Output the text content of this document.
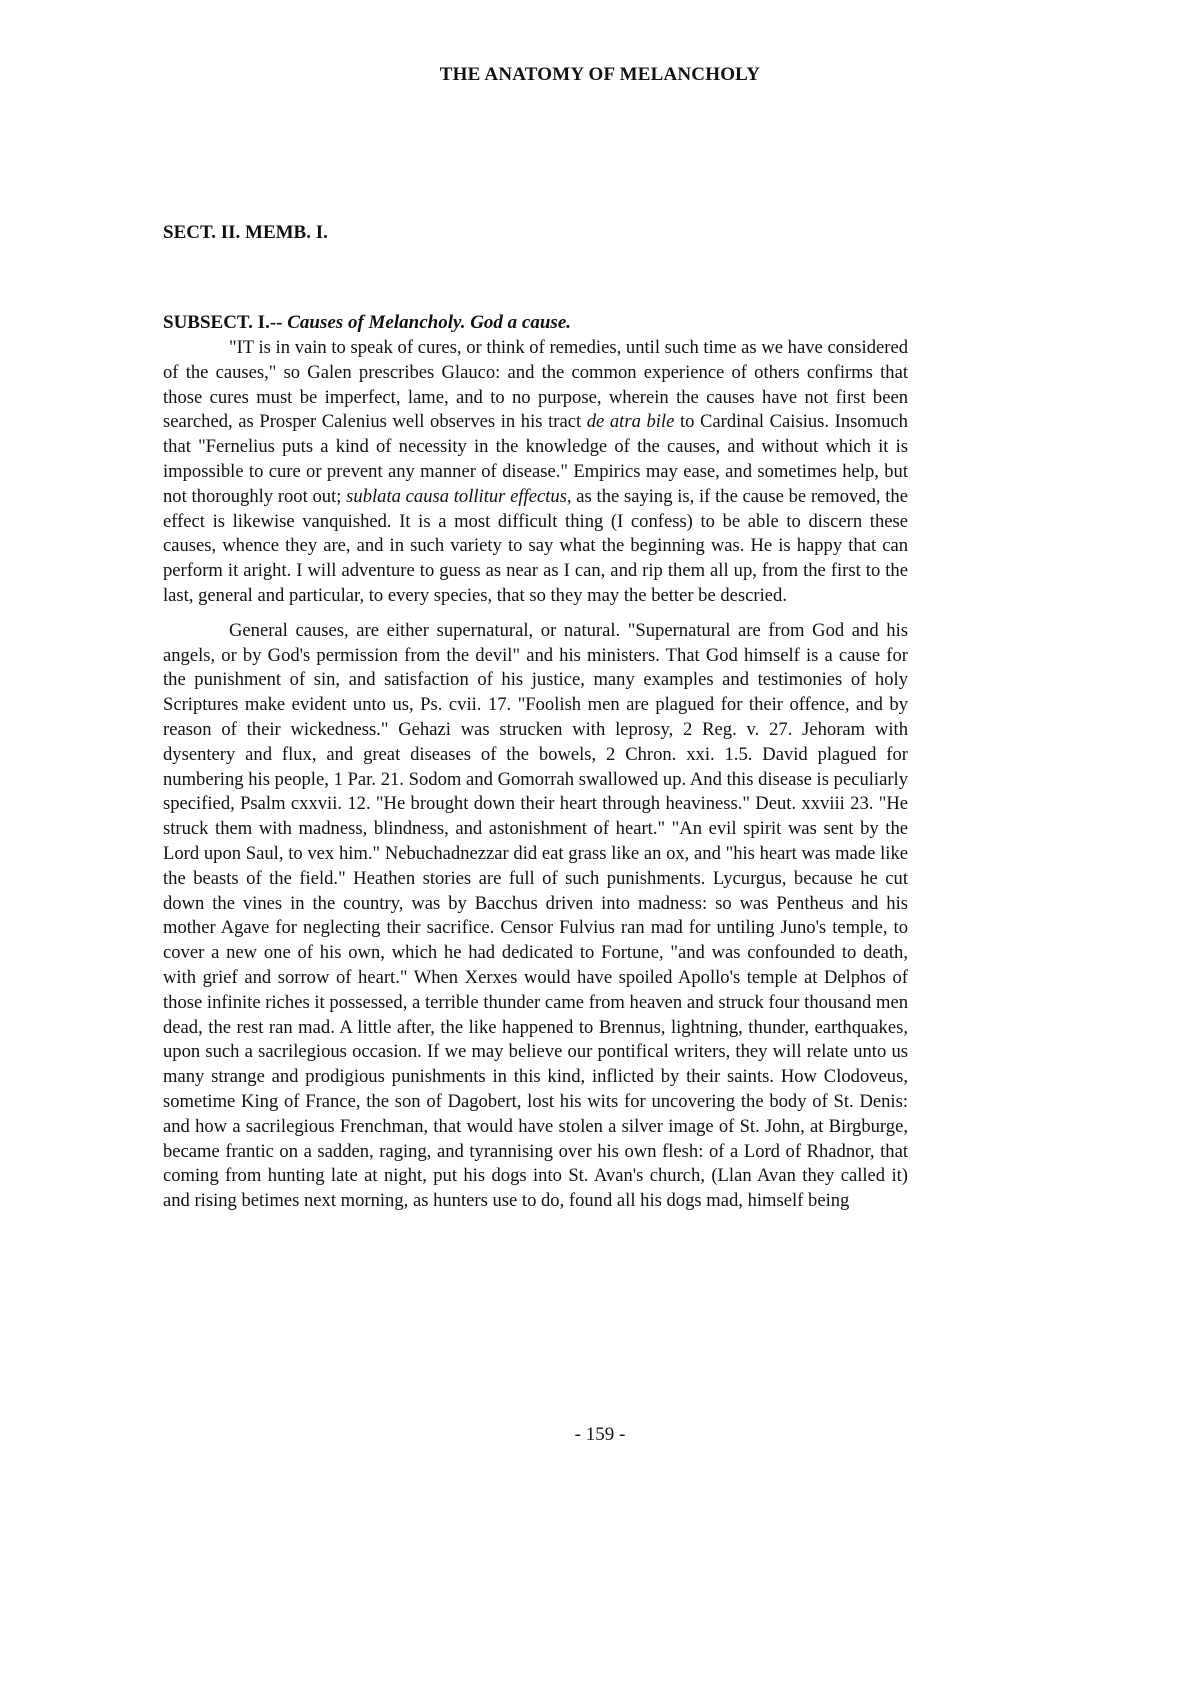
THE ANATOMY OF MELANCHOLY
SECT. II. MEMB. I.

SUBSECT. I.-- Causes of Melancholy. God a cause.

"IT is in vain to speak of cures, or think of remedies, until such time as we have considered of the causes," so Galen prescribes Glauco: and the common experience of others confirms that those cures must be imperfect, lame, and to no purpose, wherein the causes have not first been searched, as Prosper Calenius well observes in his tract de atra bile to Cardinal Caisius. Insomuch that "Fernelius puts a kind of necessity in the knowledge of the causes, and without which it is impossible to cure or prevent any manner of disease." Empirics may ease, and sometimes help, but not thoroughly root out; sublata causa tollitur effectus, as the saying is, if the cause be removed, the effect is likewise vanquished. It is a most difficult thing (I confess) to be able to discern these causes, whence they are, and in such variety to say what the beginning was. He is happy that can perform it aright. I will adventure to guess as near as I can, and rip them all up, from the first to the last, general and particular, to every species, that so they may the better be descried.

General causes, are either supernatural, or natural. "Supernatural are from God and his angels, or by God's permission from the devil" and his ministers. That God himself is a cause for the punishment of sin, and satisfaction of his justice, many examples and testimonies of holy Scriptures make evident unto us, Ps. cvii. 17. "Foolish men are plagued for their offence, and by reason of their wickedness." Gehazi was strucken with leprosy, 2 Reg. v. 27. Jehoram with dysentery and flux, and great diseases of the bowels, 2 Chron. xxi. 1.5. David plagued for numbering his people, 1 Par. 21. Sodom and Gomorrah swallowed up. And this disease is peculiarly specified, Psalm cxxvii. 12. "He brought down their heart through heaviness." Deut. xxviii 23. "He struck them with madness, blindness, and astonishment of heart." "An evil spirit was sent by the Lord upon Saul, to vex him." Nebuchadnezzar did eat grass like an ox, and "his heart was made like the beasts of the field." Heathen stories are full of such punishments. Lycurgus, because he cut down the vines in the country, was by Bacchus driven into madness: so was Pentheus and his mother Agave for neglecting their sacrifice. Censor Fulvius ran mad for untiling Juno's temple, to cover a new one of his own, which he had dedicated to Fortune, "and was confounded to death, with grief and sorrow of heart." When Xerxes would have spoiled Apollo's temple at Delphos of those infinite riches it possessed, a terrible thunder came from heaven and struck four thousand men dead, the rest ran mad. A little after, the like happened to Brennus, lightning, thunder, earthquakes, upon such a sacrilegious occasion. If we may believe our pontifical writers, they will relate unto us many strange and prodigious punishments in this kind, inflicted by their saints. How Clodoveus, sometime King of France, the son of Dagobert, lost his wits for uncovering the body of St. Denis: and how a sacrilegious Frenchman, that would have stolen a silver image of St. John, at Birgburge, became frantic on a sadden, raging, and tyrannising over his own flesh: of a Lord of Rhadnor, that coming from hunting late at night, put his dogs into St. Avan's church, (Llan Avan they called it) and rising betimes next morning, as hunters use to do, found all his dogs mad, himself being

- 159 -
